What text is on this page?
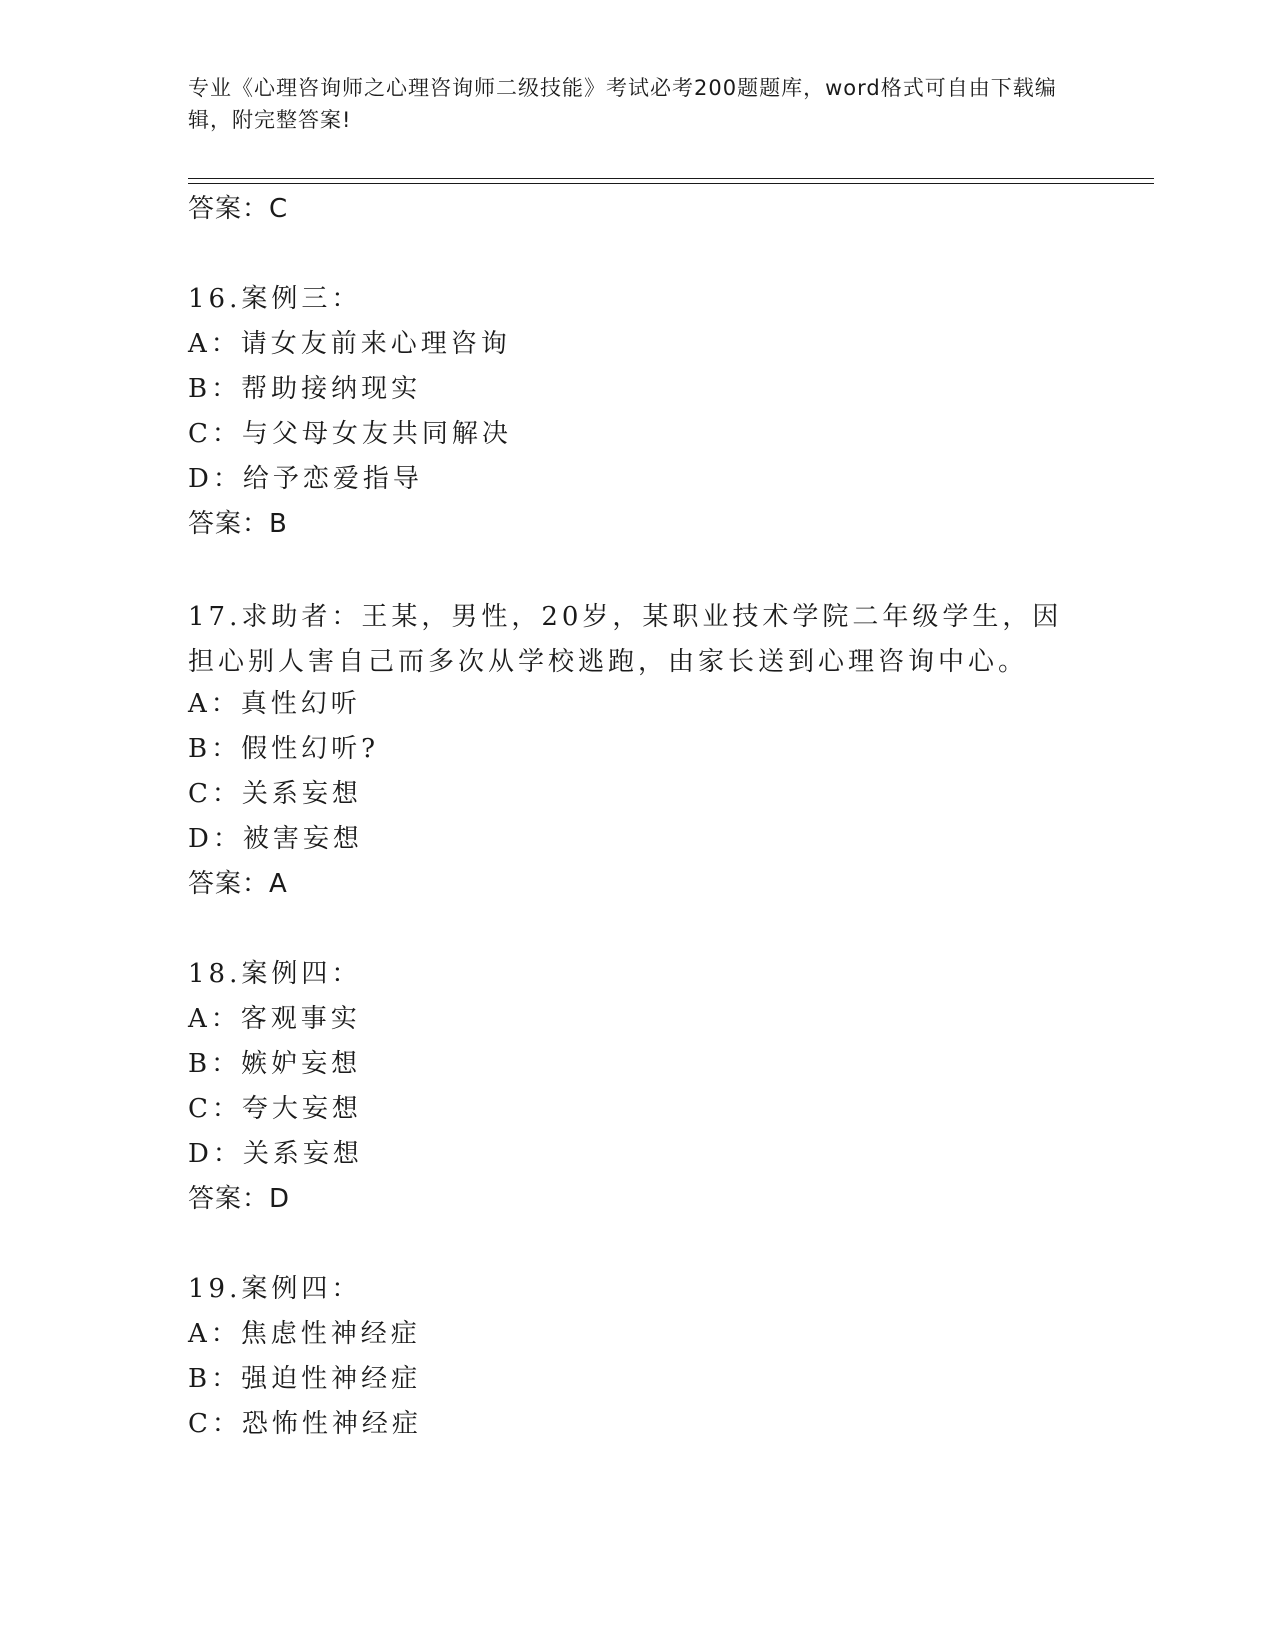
专业《心理咨询师之心理咨询师二级技能》考试必考200题题库，word格式可自由下载编辑，附完整答案!

答案：C

16.案例三：

A：请女友前来心理咨询

B：帮助接纳现实

C：与父母女友共同解决

D：给予恋爱指导

答案：B

17.求助者：王某，男性，20岁，某职业技术学院二年级学生，因担心别人害自己而多次从学校逃跑，由家长送到心理咨询中心。

A：真性幻听

B：假性幻听?

C：关系妄想

D：被害妄想

答案：A

18.案例四：

A：客观事实

B：嫉妒妄想

C：夸大妄想

D：关系妄想

答案：D

19.案例四：

A：焦虑性神经症

B：强迫性神经症

C：恐怖性神经症
